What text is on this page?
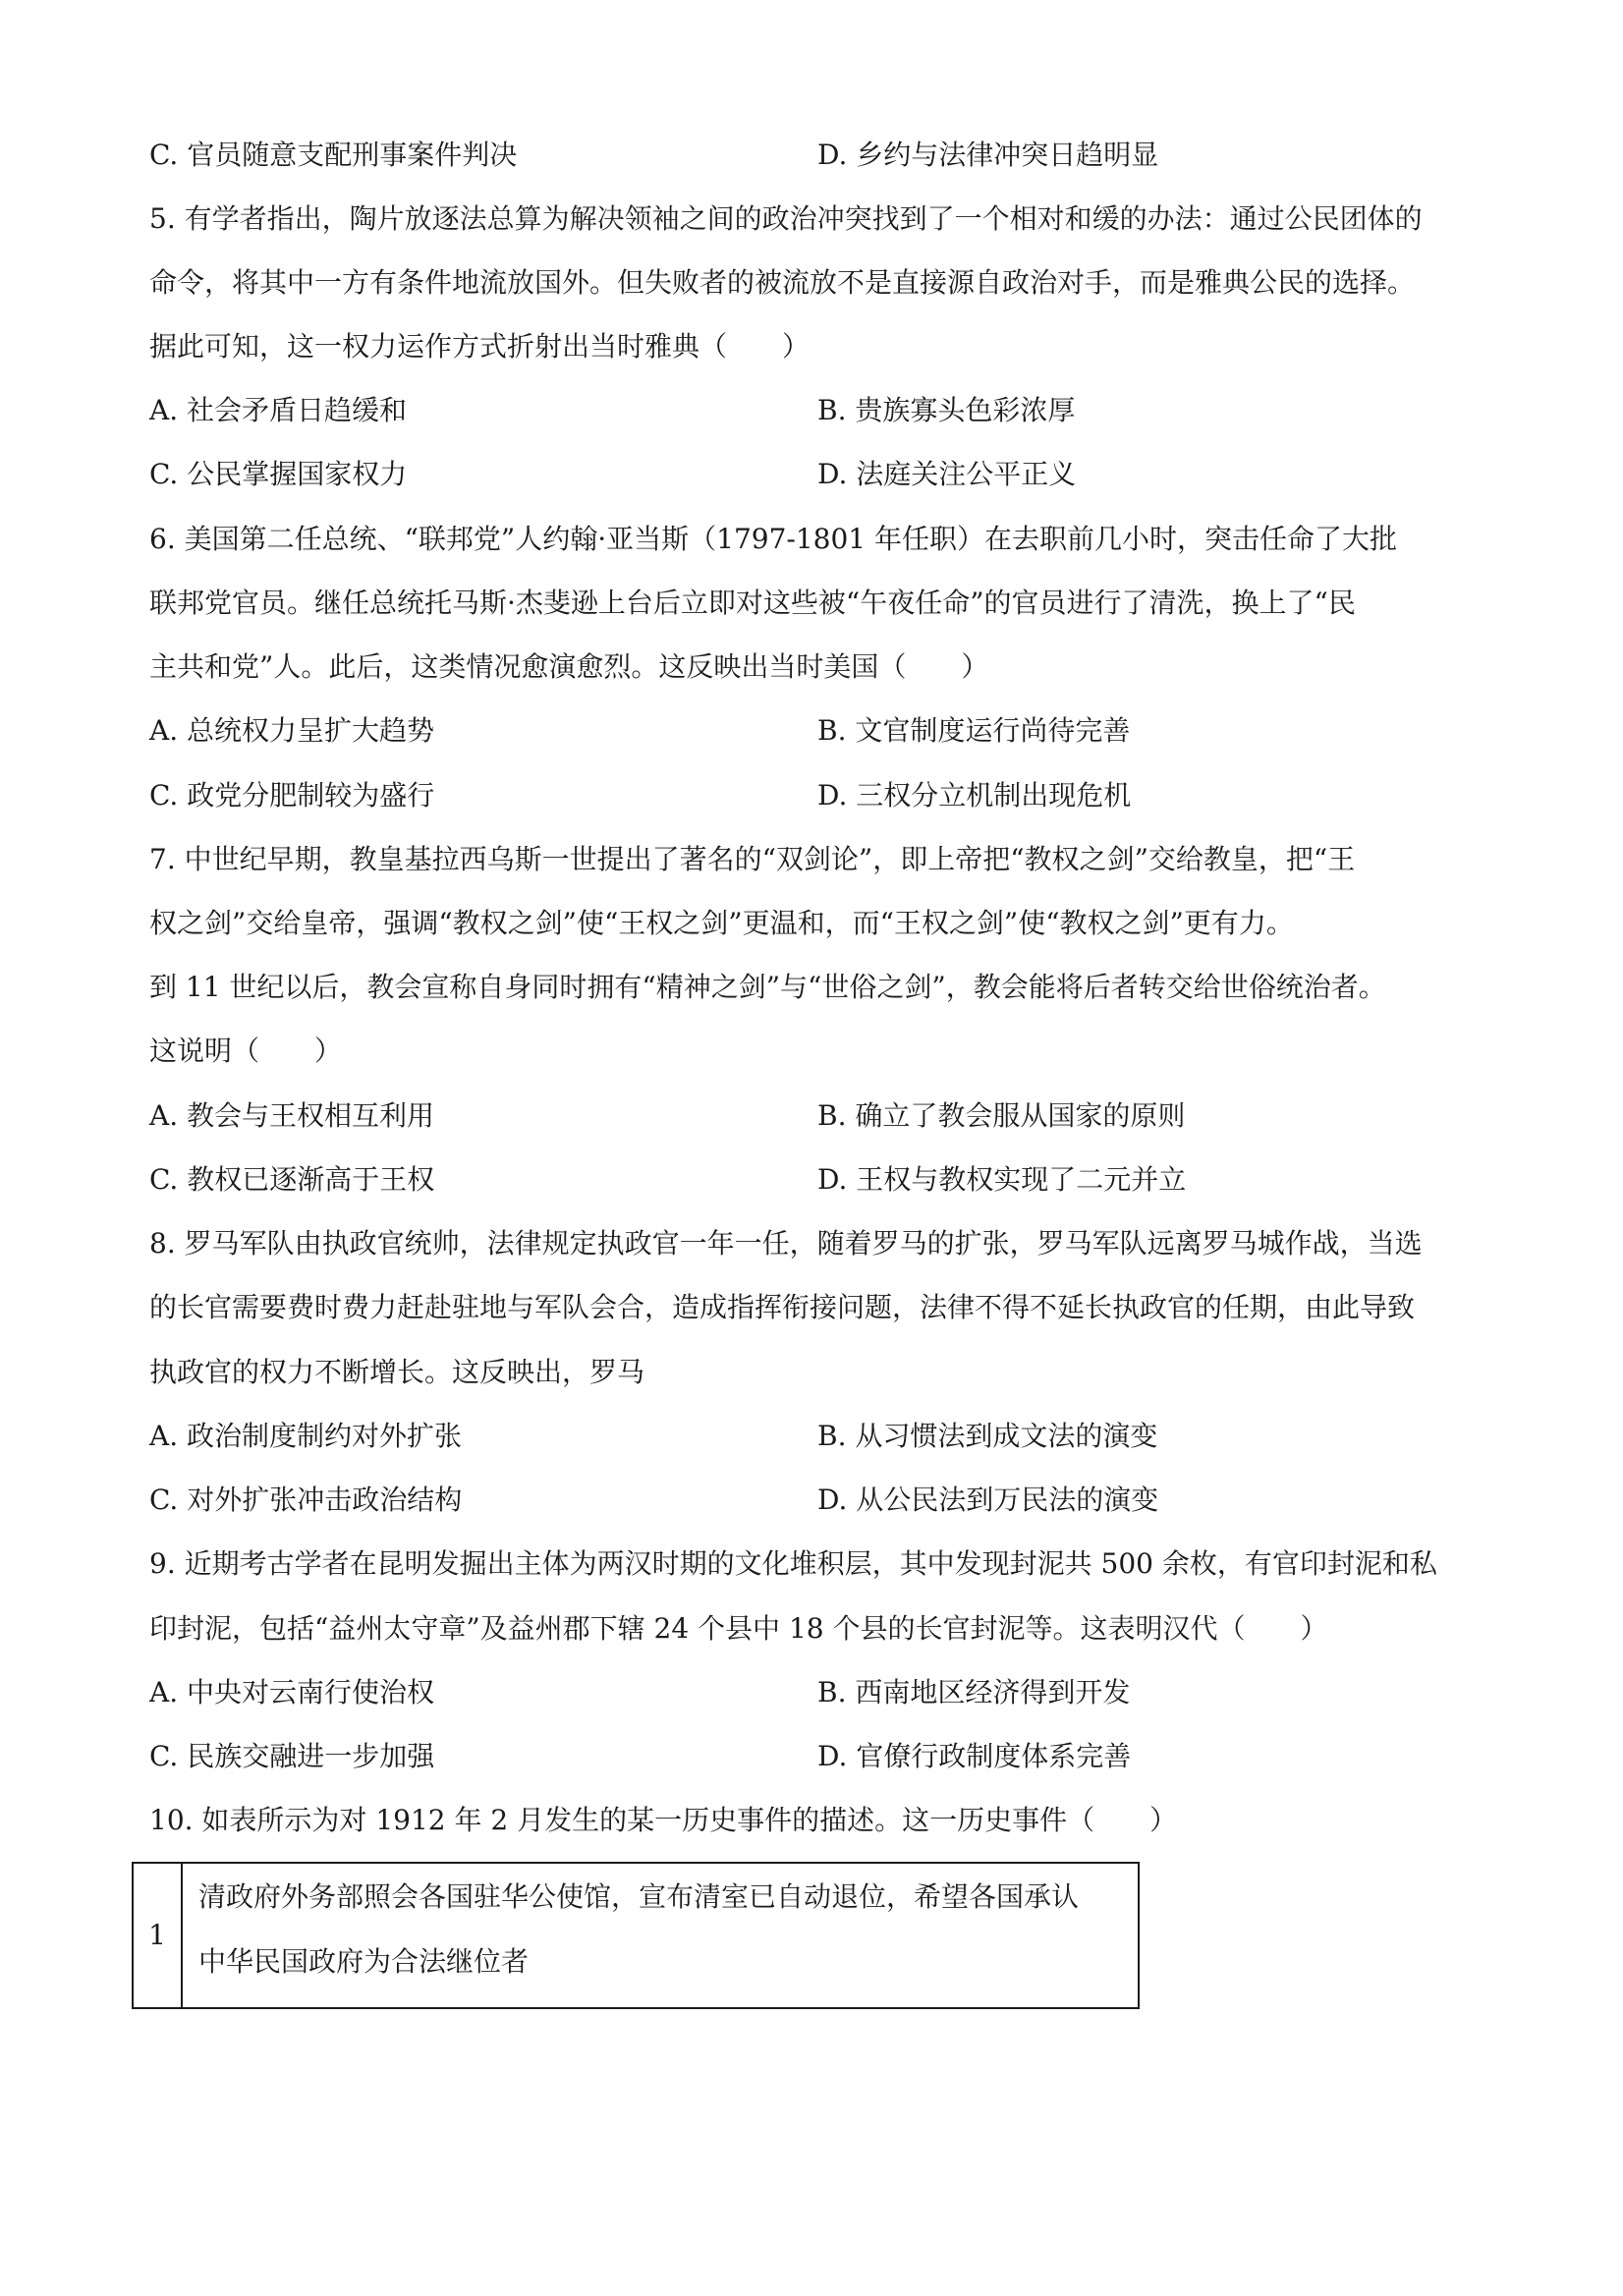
C. 官员随意支配刑事案件判决	D. 乡约与法律冲突日趋明显
5. 有学者指出，陶片放逐法总算为解决领袖之间的政治冲突找到了一个相对和缓的办法：通过公民团体的
命令，将其中一方有条件地流放国外。但失败者的被流放不是直接源自政治对手，而是雅典公民的选择。
据此可知，这一权力运作方式折射出当时雅典（　　）
A. 社会矛盾日趋缓和	B. 贵族寡头色彩浓厚
C. 公民掌握国家权力	D. 法庭关注公平正义
6. 美国第二任总统、“联邦党”人约翰·亚当斯（1797-1801 年任职）在去职前几小时，突击任命了大批
联邦党官员。继任总统托马斯·杰斐逊上台后立即对这些被“午夜任命”的官员进行了清洗，换上了“民
主共和党”人。此后，这类情况愈演愈烈。这反映出当时美国（　　）
A. 总统权力呈扩大趋势	B. 文官制度运行尚待完善
C. 政党分肥制较为盛行	D. 三权分立机制出现危机
7. 中世纪早期，教皇基拉西乌斯一世提出了著名的“双剑论”，即上帝把“教权之剑”交给教皇，把“王
权之剑”交给皇帝，强调“教权之剑”使“王权之剑”更温和，而“王权之剑”使“教权之剑”更有力。
到 11 世纪以后，教会宣称自身同时拥有“精神之剑”与“世俗之剑”，教会能将后者转交给世俗统治者。
这说明（　　）
A. 教会与王权相互利用	B. 确立了教会服从国家的原则
C. 教权已逐渐高于王权	D. 王权与教权实现了二元并立
8. 罗马军队由执政官统帅，法律规定执政官一年一任，随着罗马的扩张，罗马军队远离罗马城作战，当选
的长官需要费时费力赶赴驻地与军队会合，造成指挥衔接问题，法律不得不延长执政官的任期，由此导致
执政官的权力不断增长。这反映出，罗马
A. 政治制度制约对外扩张	B. 从习惯法到成文法的演变
C. 对外扩张冲击政治结构	D. 从公民法到万民法的演变
9. 近期考古学者在昆明发掘出主体为两汉时期的文化堆积层，其中发现封泥共 500 余枚，有官印封泥和私
印封泥，包括“益州太守章”及益州郡下辖 24 个县中 18 个县的长官封泥等。这表明汉代（　　）
A. 中央对云南行使治权	B. 西南地区经济得到开发
C. 民族交融进一步加强	D. 官僚行政制度体系完善
10. 如表所示为对 1912 年 2 月发生的某一历史事件的描述。这一历史事件（　　）
1
清政府外务部照会各国驻华公使馆，宣布清室已自动退位，希望各国承认
中华民国政府为合法继位者
